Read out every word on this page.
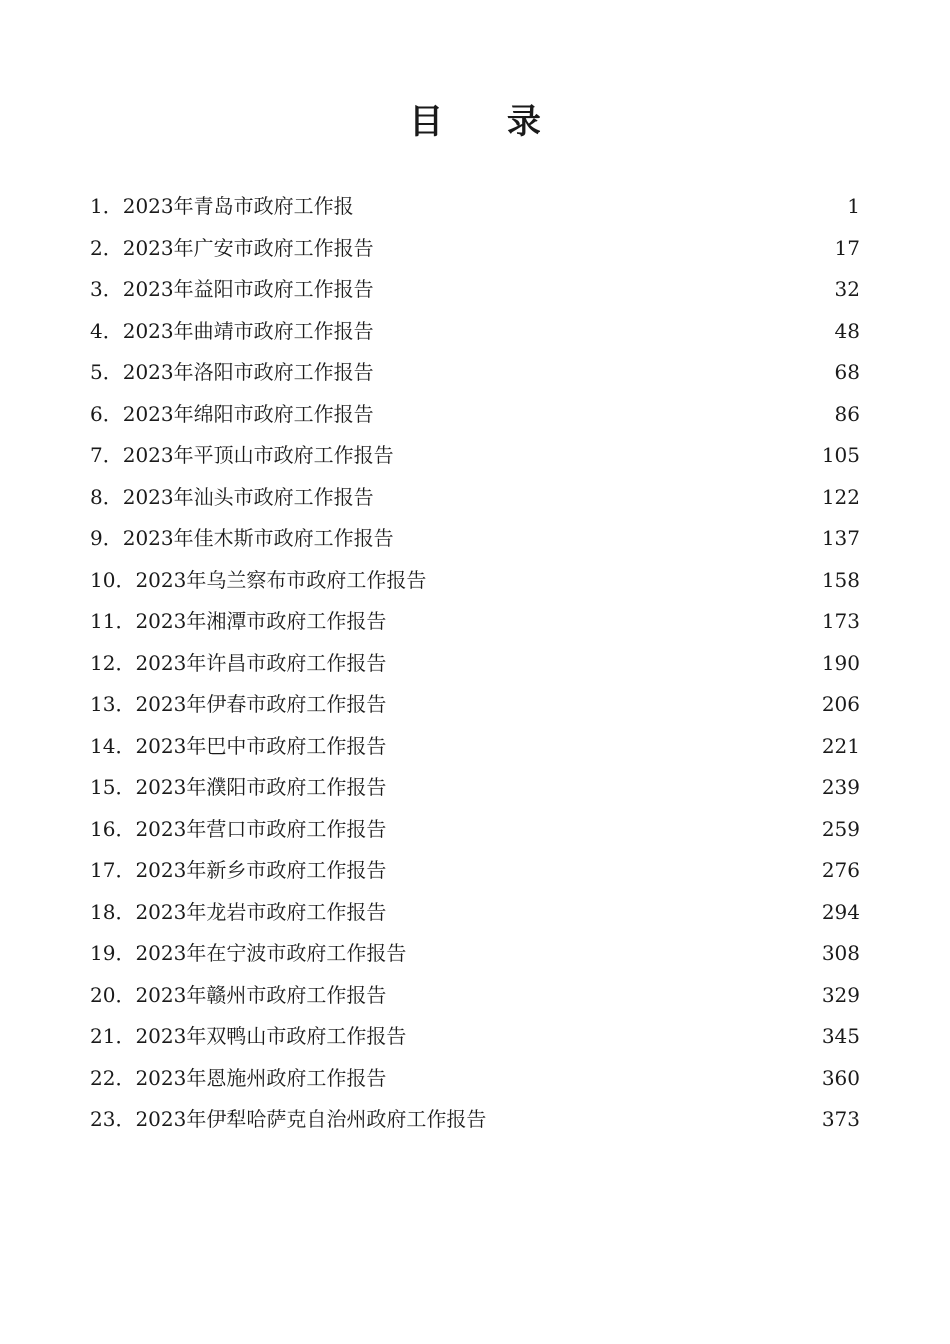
目 录
1．2023年青岛市政府工作报	1
2．2023年广安市政府工作报告	17
3．2023年益阳市政府工作报告	32
4．2023年曲靖市政府工作报告	48
5．2023年洛阳市政府工作报告	68
6．2023年绵阳市政府工作报告	86
7．2023年平顶山市政府工作报告	105
8．2023年汕头市政府工作报告	122
9．2023年佳木斯市政府工作报告	137
10．2023年乌兰察布市政府工作报告	158
11．2023年湘潭市政府工作报告	173
12．2023年许昌市政府工作报告	190
13．2023年伊春市政府工作报告	206
14．2023年巴中市政府工作报告	221
15．2023年濮阳市政府工作报告	239
16．2023年营口市政府工作报告	259
17．2023年新乡市政府工作报告	276
18．2023年龙岩市政府工作报告	294
19．2023年在宁波市政府工作报告	308
20．2023年赣州市政府工作报告	329
21．2023年双鸭山市政府工作报告	345
22．2023年恩施州政府工作报告	360
23．2023年伊犁哈萨克自治州政府工作报告	373
